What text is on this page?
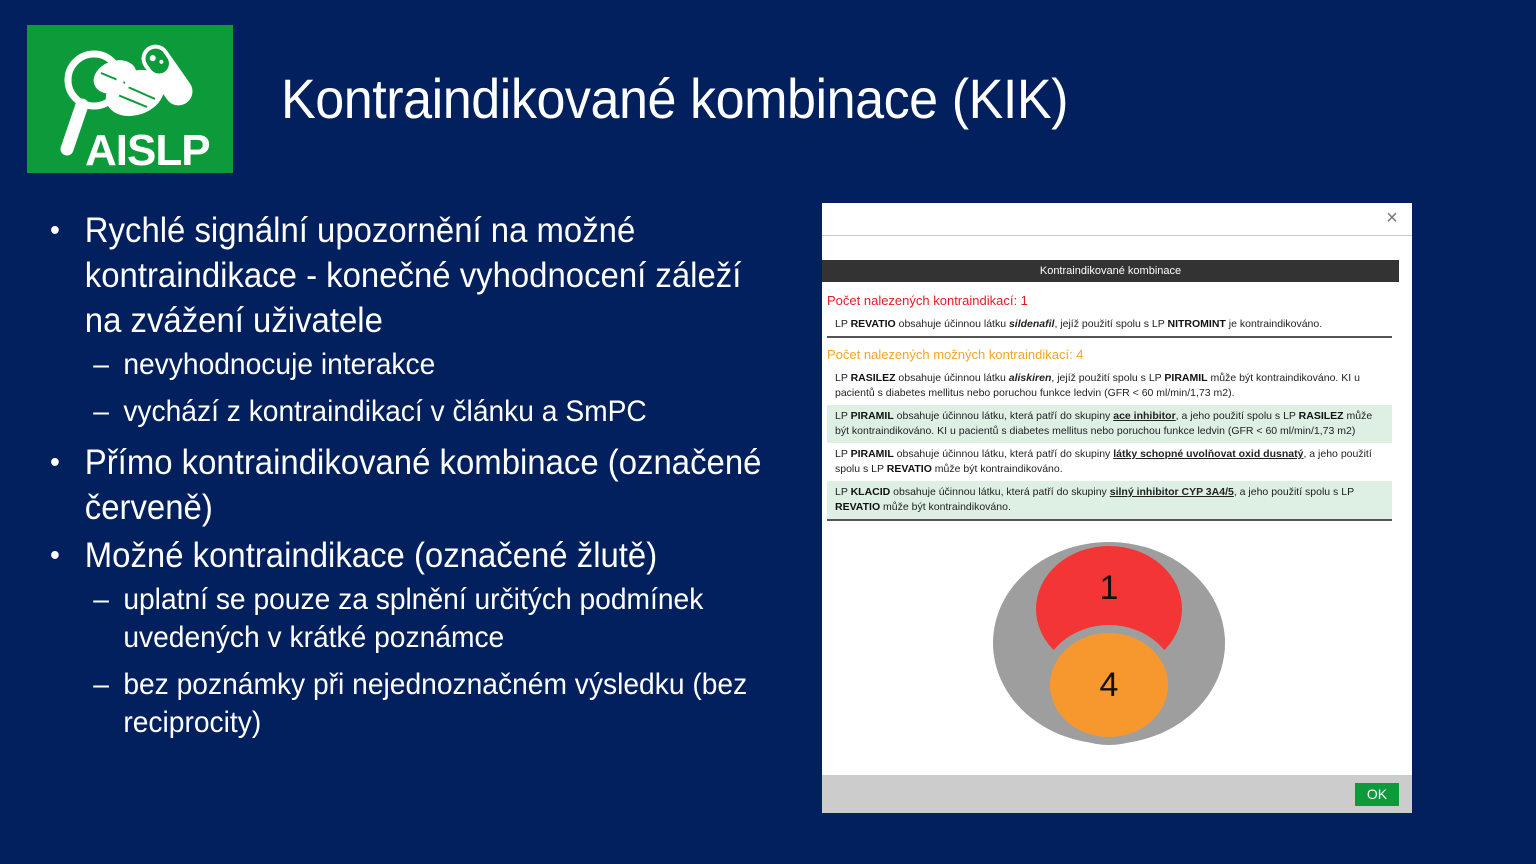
AISLP
Kontraindikované kombinace (KIK)
• Rychlé signální upozornění na možné kontraindikace - konečné vyhodnocení záleží na zvážení uživatele
– nevyhodnocuje interakce
– vychází z kontraindikací v článku a SmPC
• Přímo kontraindikované kombinace (označené červeně)
• Možné kontraindikace (označené žlutě)
– uplatní se pouze za splnění určitých podmínek uvedených v krátké poznámce
– bez poznámky při nejednoznačném výsledku (bez reciprocity)
×
Kontraindikované kombinace
Počet nalezených kontraindikací: 1
LP REVATIO obsahuje účinnou látku sildenafil, jejíž použití spolu s LP NITROMINT je kontraindikováno.
Počet nalezených možných kontraindikací: 4
LP RASILEZ obsahuje účinnou látku aliskiren, jejíž použití spolu s LP PIRAMIL může být kontraindikováno. KI u pacientů s diabetes mellitus nebo poruchou funkce ledvin (GFR < 60 ml/min/1,73 m2).
LP PIRAMIL obsahuje účinnou látku, která patří do skupiny ace inhibitor, a jeho použití spolu s LP RASILEZ může být kontraindikováno. KI u pacientů s diabetes mellitus nebo poruchou funkce ledvin (GFR < 60 ml/min/1,73 m2)
LP PIRAMIL obsahuje účinnou látku, která patří do skupiny látky schopné uvolňovat oxid dusnatý, a jeho použití spolu s LP REVATIO může být kontraindikováno.
LP KLACID obsahuje účinnou látku, která patří do skupiny silný inhibitor CYP 3A4/5, a jeho použití spolu s LP REVATIO může být kontraindikováno.
1
4
OK
